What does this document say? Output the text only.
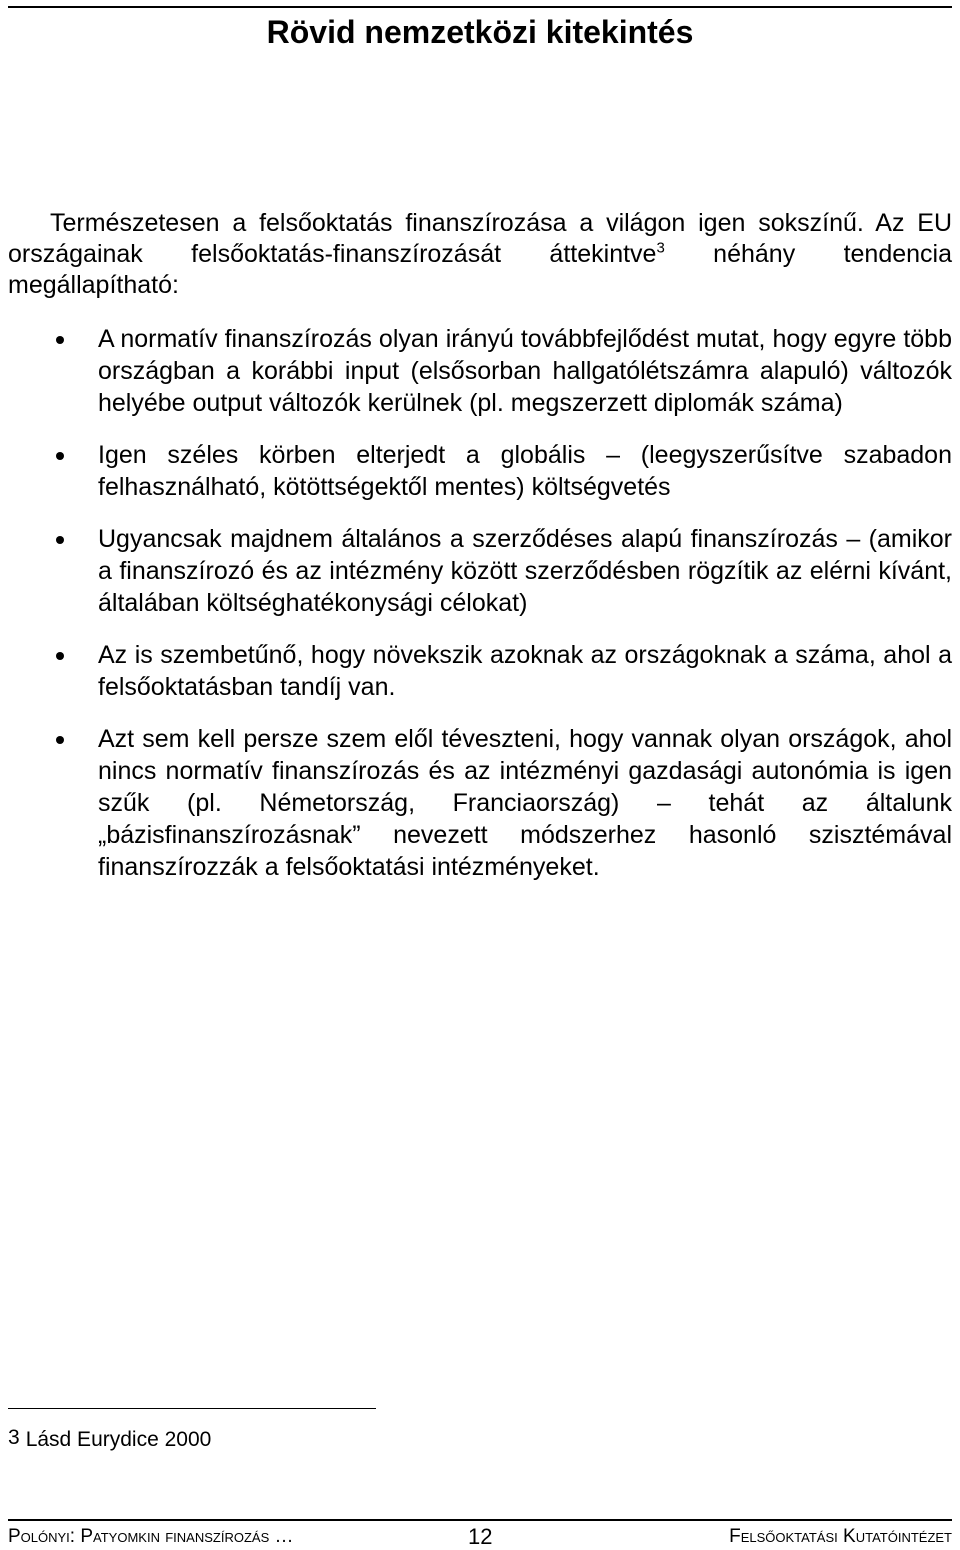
Rövid nemzetközi kitekintés

Természetesen a felsőoktatás finanszírozása a világon igen sokszínű. Az EU országainak felsőoktatás-finanszírozását áttekintve$^3$ néhány tendencia megállapítható:

A normatív finanszírozás olyan irányú továbbfejlődést mutat, hogy egyre több országban a korábbi input (elsősorban hallgatólétszámra alapuló) változók helyébe output változók kerülnek (pl. megszerzett diplomák száma)
Igen széles körben elterjedt a globális – (leegyszerűsítve szabadon felhasználható, kötöttségektől mentes) költségvetés
Ugyancsak majdnem általános a szerződéses alapú finanszírozás – (amikor a finanszírozó és az intézmény között szerződésben rögzítik az elérni kívánt, általában költséghatékonysági célokat)
Az is szembetűnő, hogy növekszik azoknak az országoknak a száma, ahol a felsőoktatásban tandíj van.
Azt sem kell persze szem elől téveszteni, hogy vannak olyan országok, ahol nincs normatív finanszírozás és az intézményi gazdasági autonómia is igen szűk (pl. Németország, Franciaország) – tehát az általunk „bázisfinanszírozásnak” nevezett módszerhez hasonló szisztémával finanszírozzák a felsőoktatási intézményeket.
3 Lásd Eurydice 2000
Polónyi: Patyomkin finanszírozás …	12	Felsőoktatási Kutatóintézet
